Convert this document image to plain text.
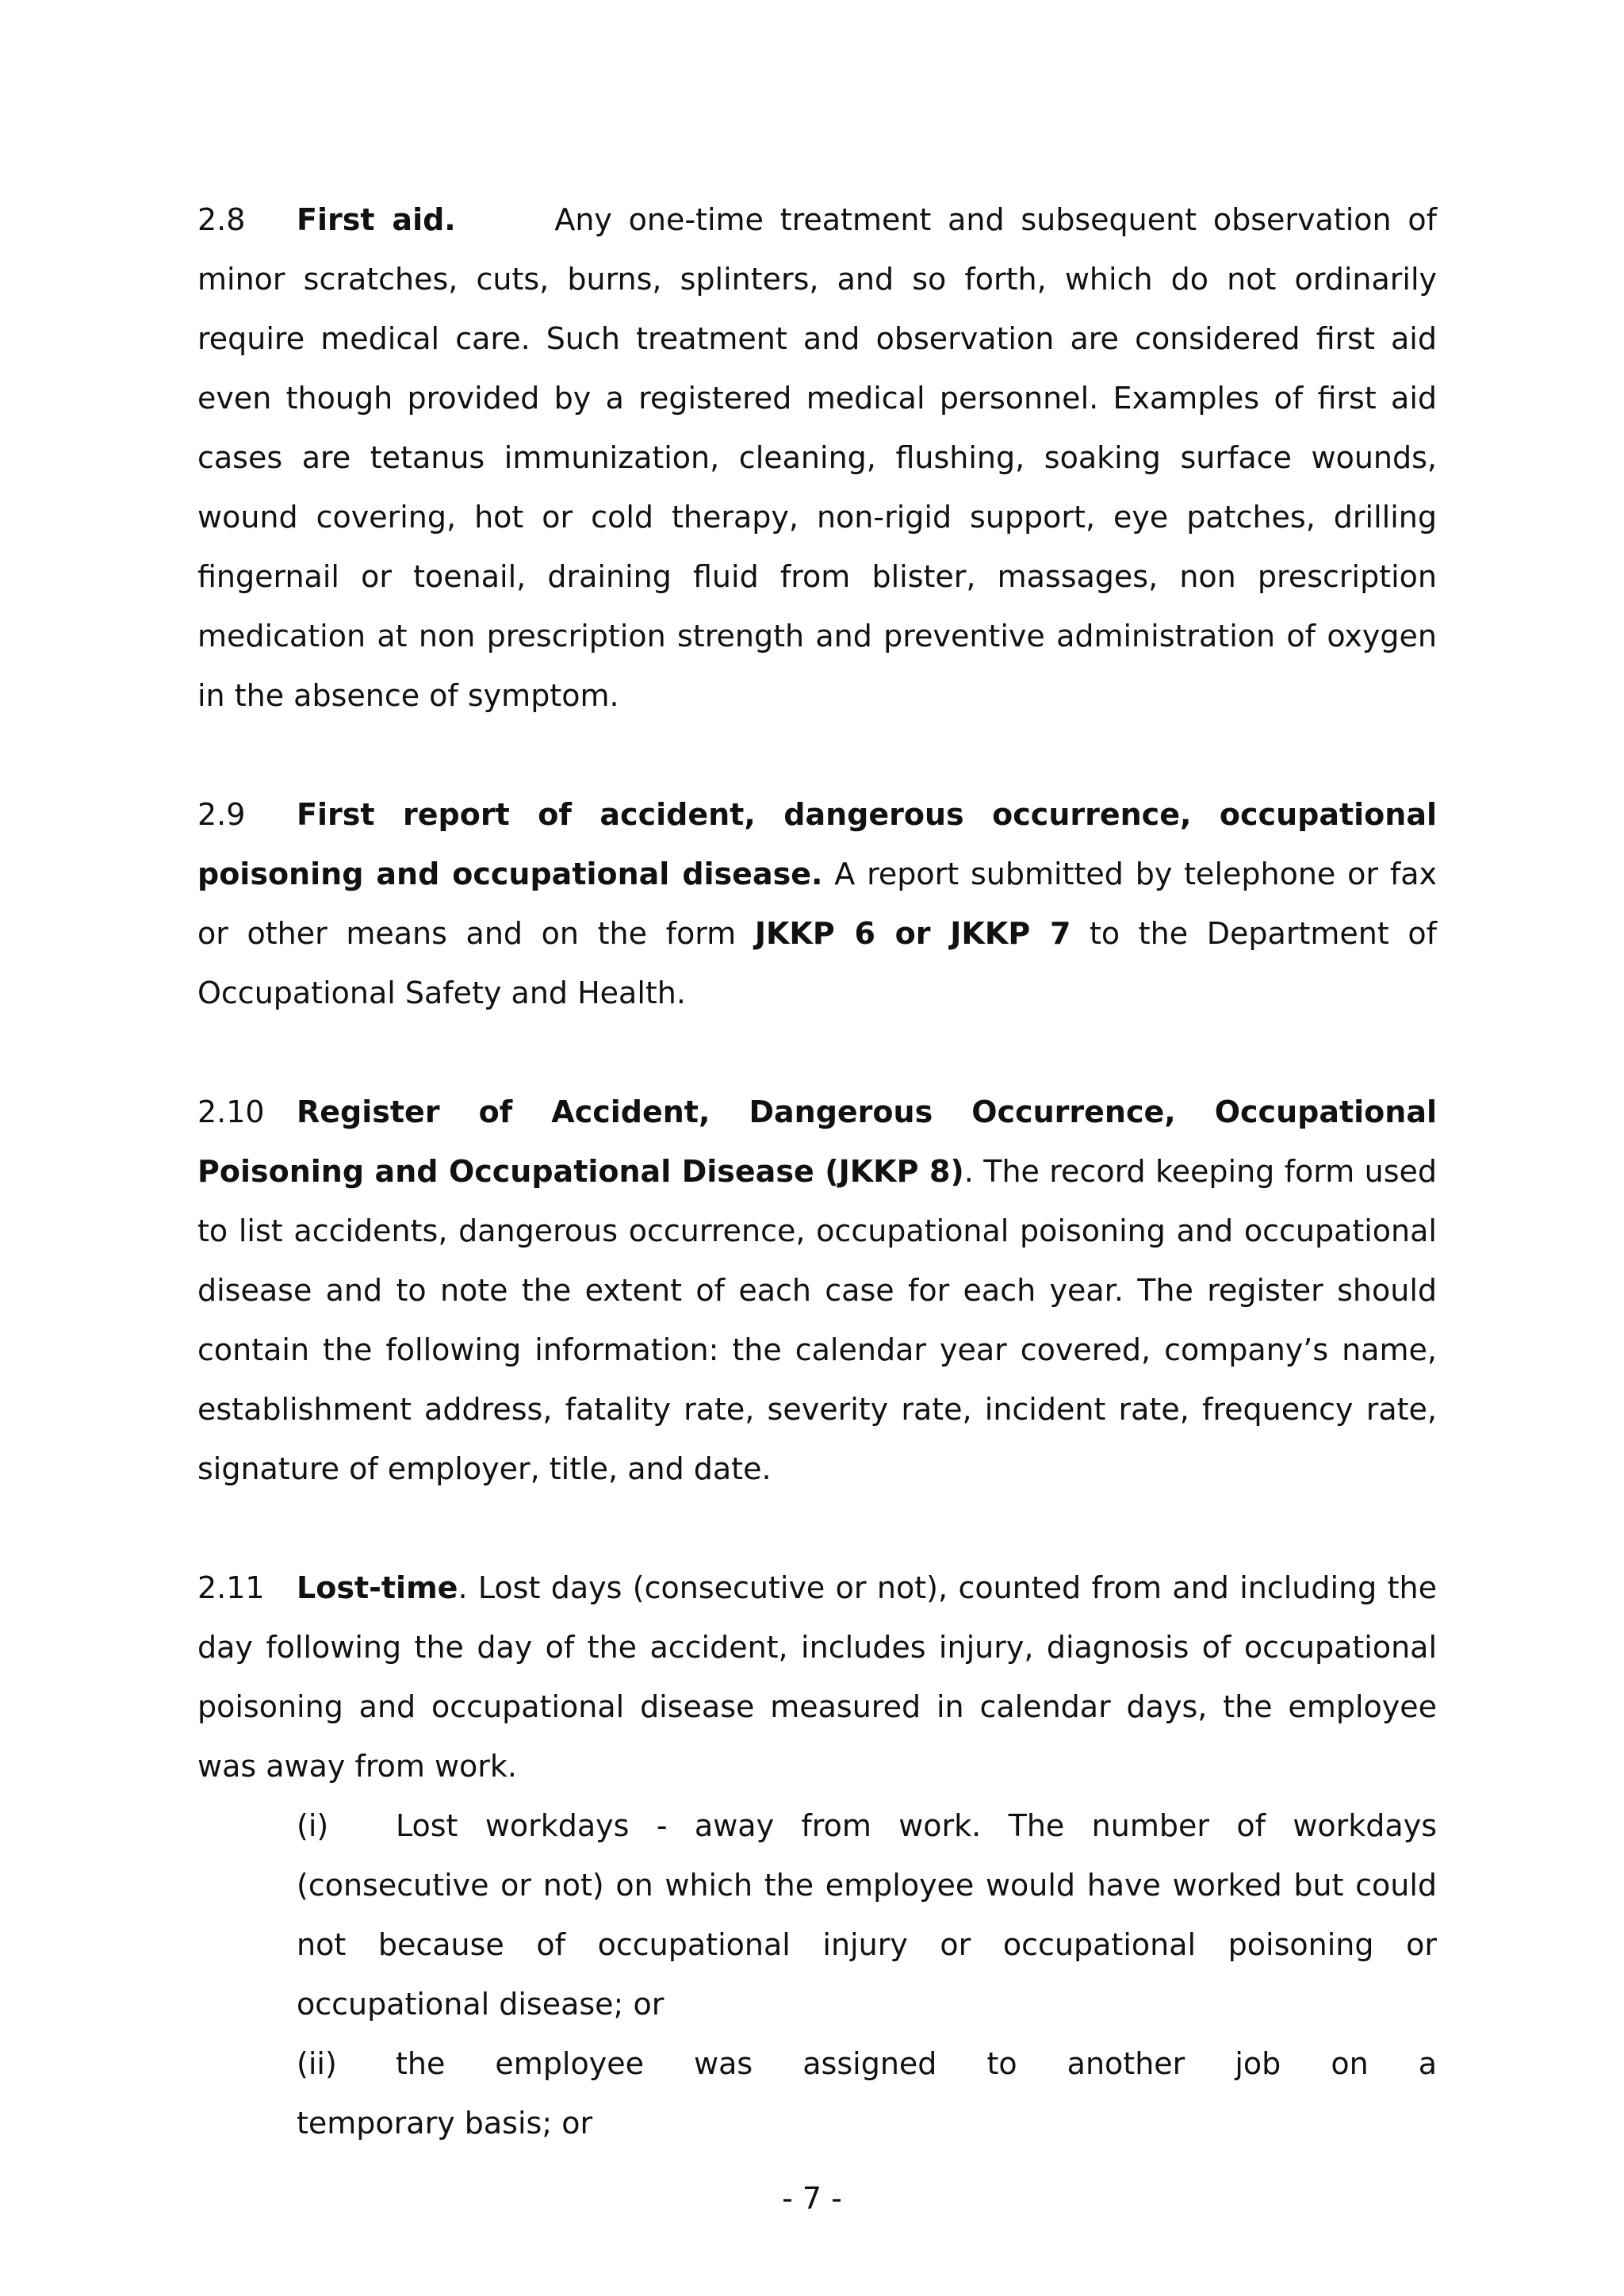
2.8 First aid.	Any one-time treatment and subsequent observation of minor scratches, cuts, burns, splinters, and so forth, which do not ordinarily require medical care. Such treatment and observation are considered first aid even though provided by a registered medical personnel. Examples of first aid cases are tetanus immunization, cleaning, flushing, soaking surface wounds, wound covering, hot or cold therapy, non-rigid support, eye patches, drilling fingernail or toenail, draining fluid from blister, massages, non prescription medication at non prescription strength and preventive administration of oxygen in the absence of symptom.

2.9 First report of accident, dangerous occurrence, occupational poisoning and occupational disease. A report submitted by telephone or fax or other means and on the form JKKP 6 or JKKP 7 to the Department of Occupational Safety and Health.

2.10 Register of Accident, Dangerous Occurrence, Occupational Poisoning and Occupational Disease (JKKP 8). The record keeping form used to list accidents, dangerous occurrence, occupational poisoning and occupational disease and to note the extent of each case for each year. The register should contain the following information: the calendar year covered, company’s name, establishment address, fatality rate, severity rate, incident rate, frequency rate, signature of employer, title, and date.

2.11 Lost-time. Lost days (consecutive or not), counted from and including the day following the day of the accident, includes injury, diagnosis of occupational poisoning and occupational disease measured in calendar days, the employee was away from work.

(i) Lost workdays - away from work. The number of workdays (consecutive or not) on which the employee would have worked but could not because of occupational injury or occupational poisoning or occupational disease; or

(ii) the employee was assigned to another job on a

temporary basis; or

- 7 -
